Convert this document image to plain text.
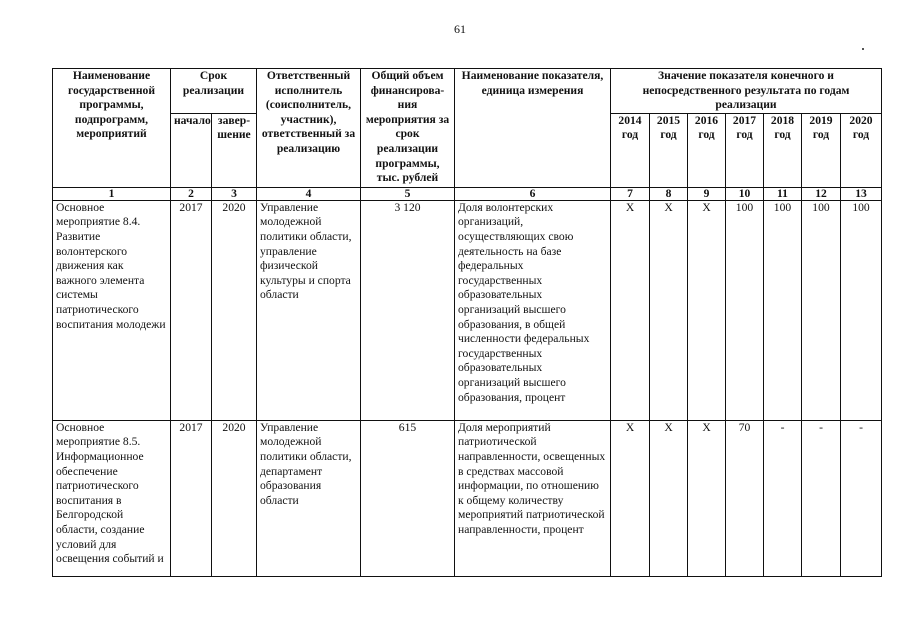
61
Наименование государственной программы, подпрограмм, мероприятий	Срок реализации		Ответственный исполнитель (соисполнитель, участник), ответственный за реализацию	Общий объем финансирова-ния мероприятия за срок реализации программы, тыс. рублей	Наименование показателя, единица измерения	Значение показателя конечного и непосредственного результата по годам реализации						
	начало	завер-шение				2014 год	2015 год	2016 год	2017 год	2018 год	2019 год	2020 год
1	2	3	4	5	6	7	8	9	10	11	12	13
Основное мероприятие 8.4. Развитие волонтерского движения как важного элемента системы патриотического воспитания молодежи	2017	2020	Управление молодежной политики области, управление физической культуры и спорта области	3 120	Доля волонтерских организаций, осуществляющих свою деятельность на базе федеральных государственных образовательных организаций высшего образования, в общей численности федеральных государственных образовательных организаций высшего образования, процент	X	X	X	100	100	100	100
Основное мероприятие 8.5. Информационное обеспечение патриотического воспитания в Белгородской области, создание условий для освещения событий и	2017	2020	Управление молодежной политики области, департамент образования области	615	Доля мероприятий патриотической направленности, освещенных в средствах массовой информации, по отношению к общему количеству мероприятий патриотической направленности, процент	X	X	X	70	-	-	-
